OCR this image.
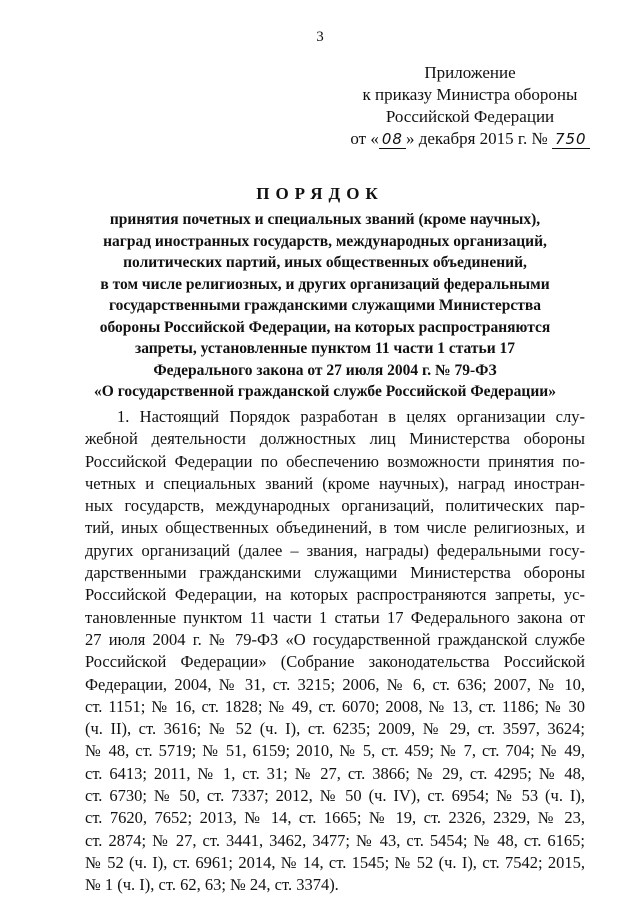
3
Приложение
к приказу Министра обороны
Российской Федерации
от « 08 » декабря 2015 г. № 750
ПОРЯДОК
принятия почетных и специальных званий (кроме научных),
наград иностранных государств, международных организаций,
политических партий, иных общественных объединений,
в том числе религиозных, и других организаций федеральными
государственными гражданскими служащими Министерства
обороны Российской Федерации, на которых распространяются
запреты, установленные пунктом 11 части 1 статьи 17
Федерального закона от 27 июля 2004 г. № 79-ФЗ
«О государственной гражданской службе Российской Федерации»
1. Настоящий Порядок разработан в целях организации слу-
жебной деятельности должностных лиц Министерства обороны
Российской Федерации по обеспечению возможности принятия по-
четных и специальных званий (кроме научных), наград иностран-
ных государств, международных организаций, политических пар-
тий, иных общественных объединений, в том числе религиозных, и
других организаций (далее – звания, награды) федеральными госу-
дарственными гражданскими служащими Министерства обороны
Российской Федерации, на которых распространяются запреты, ус-
тановленные пунктом 11 части 1 статьи 17 Федерального закона от
27 июля 2004 г. № 79-ФЗ «О государственной гражданской службе
Российской Федерации» (Собрание законодательства Российской
Федерации, 2004, № 31, ст. 3215; 2006, № 6, ст. 636; 2007, № 10,
ст. 1151; № 16, ст. 1828; № 49, ст. 6070; 2008, № 13, ст. 1186; № 30
(ч. II), ст. 3616; № 52 (ч. I), ст. 6235; 2009, № 29, ст. 3597, 3624;
№ 48, ст. 5719; № 51, 6159; 2010, № 5, ст. 459; № 7, ст. 704; № 49,
ст. 6413; 2011, № 1, ст. 31; № 27, ст. 3866; № 29, ст. 4295; № 48,
ст. 6730; № 50, ст. 7337; 2012, № 50 (ч. IV), ст. 6954; № 53 (ч. I),
ст. 7620, 7652; 2013, № 14, ст. 1665; № 19, ст. 2326, 2329, № 23,
ст. 2874; № 27, ст. 3441, 3462, 3477; № 43, ст. 5454; № 48, ст. 6165;
№ 52 (ч. I), ст. 6961; 2014, № 14, ст. 1545; № 52 (ч. I), ст. 7542; 2015,
№ 1 (ч. I), ст. 62, 63; № 24, ст. 3374).
